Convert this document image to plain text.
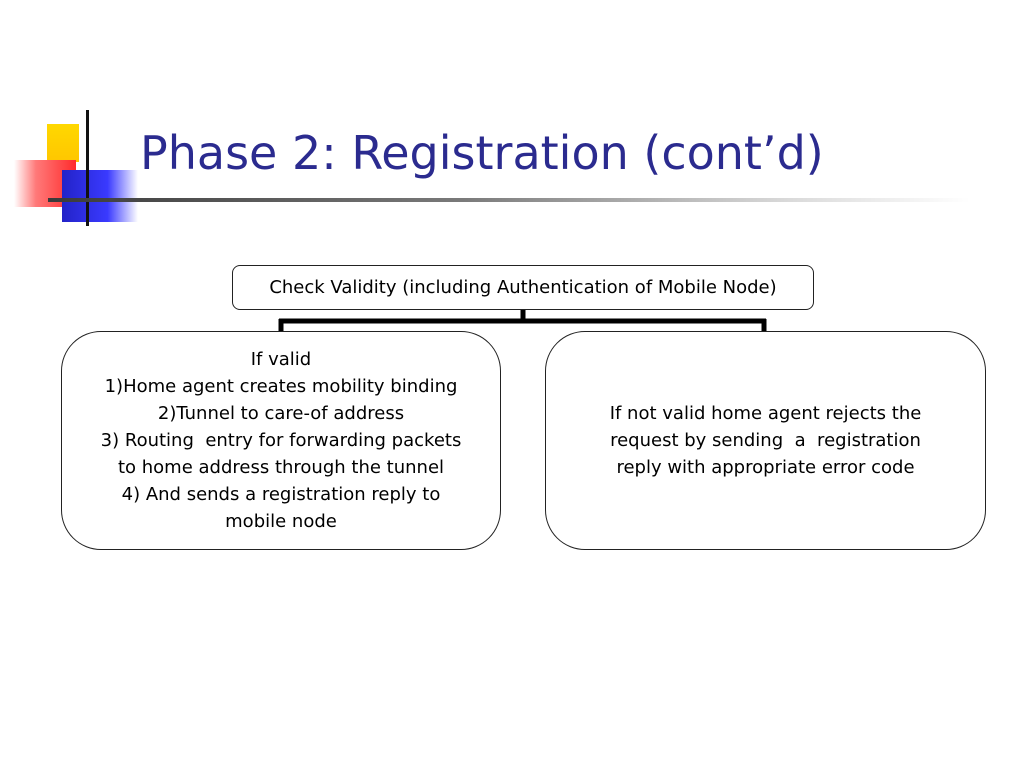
Phase 2: Registration (cont’d)
Check Validity (including Authentication of Mobile Node)
If valid
1)Home agent creates mobility binding
2)Tunnel to care-of address
3) Routing  entry for forwarding packets
to home address through the tunnel
4) And sends a registration reply to
mobile node
If not valid home agent rejects the
request by sending  a  registration
reply with appropriate error code
